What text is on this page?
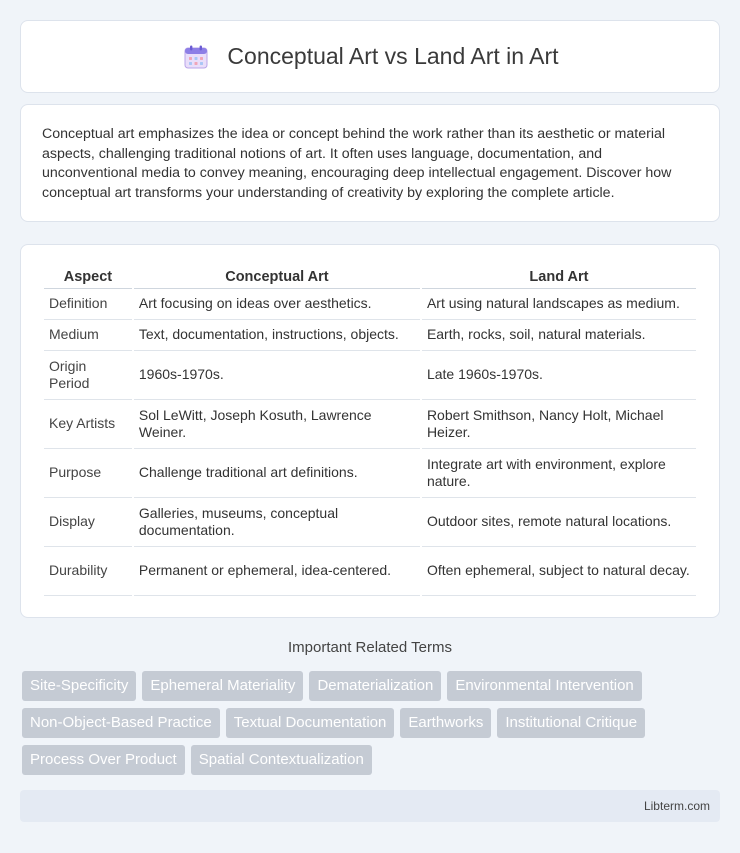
Conceptual Art vs Land Art in Art

Conceptual art emphasizes the idea or concept behind the work rather than its aesthetic or material aspects, challenging traditional notions of art. It often uses language, documentation, and unconventional media to convey meaning, encouraging deep intellectual engagement. Discover how conceptual art transforms your understanding of creativity by exploring the complete article.

Aspect	Conceptual Art	Land Art
Definition	Art focusing on ideas over aesthetics.	Art using natural landscapes as medium.
Medium	Text, documentation, instructions, objects.	Earth, rocks, soil, natural materials.
Origin Period	1960s-1970s.	Late 1960s-1970s.
Key Artists	Sol LeWitt, Joseph Kosuth, Lawrence Weiner.	Robert Smithson, Nancy Holt, Michael Heizer.
Purpose	Challenge traditional art definitions.	Integrate art with environment, explore nature.
Display	Galleries, museums, conceptual documentation.	Outdoor sites, remote natural locations.
Durability	Permanent or ephemeral, idea-centered.	Often ephemeral, subject to natural decay.
Important Related Terms
Site-Specificity	Ephemeral Materiality	Dematerialization	Environmental Intervention
Non-Object-Based Practice	Textual Documentation	Earthworks	Institutional Critique
Process Over Product	Spatial Contextualization
Libterm.com
